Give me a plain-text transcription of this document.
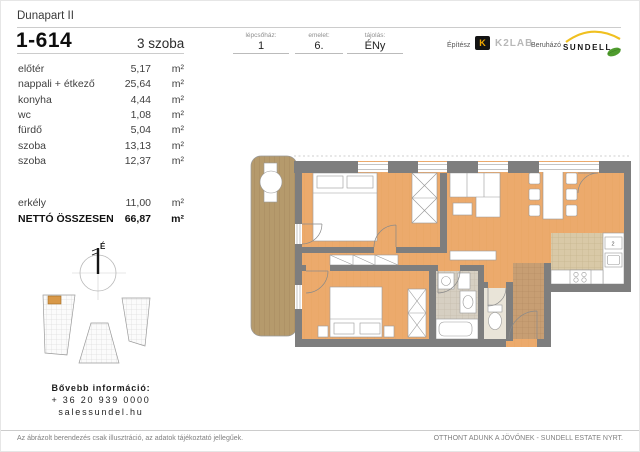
Dunapart II
1-614	3 szoba
lépcsőház:
1
emelet:
6.
tájolás:
ÉNy	Építész K K2LAB
Beruházó SUNDELL
előtér	5,17	m²
nappali + étkező	25,64	m²
konyha	4,44	m²
wc	1,08	m²
fürdő	5,04	m²
szoba	13,13	m²
szoba	12,37	m²
erkély	11,00	m²
NETTÓ ÖSSZESEN	66,87	m²
É	2
Bővebb információ:
+ 36 20 939 0000
salessundel.hu
Az ábrázolt berendezés csak illusztráció, az adatok tájékoztató jellegűek.	OTTHONT ADUNK A JÖVŐNEK - SUNDELL ESTATE NYRT.
